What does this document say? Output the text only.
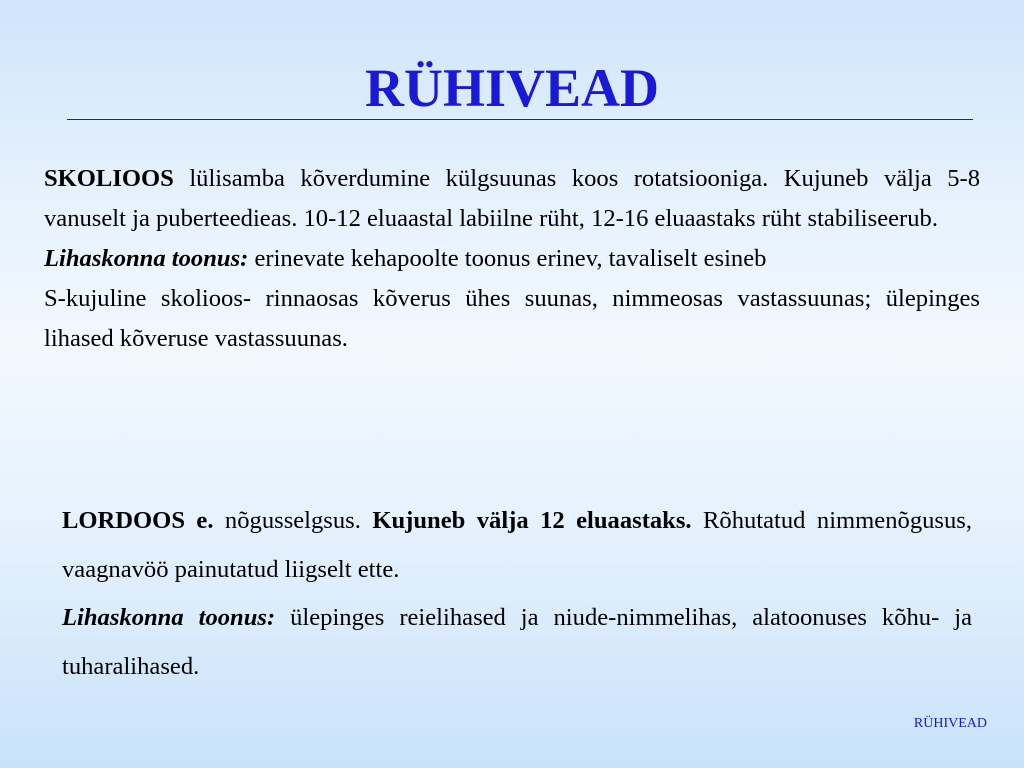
RÜHIVEAD

SKOLIOOS lülisamba kõverdumine külgsuunas koos rotatsiooniga. Kujuneb välja 5-8 vanuselt ja puberteedieas. 10-12 eluaastal labiilne rüht, 12-16 eluaastaks rüht stabiliseerub.

Lihaskonna toonus: erinevate kehapoolte toonus erinev, tavaliselt esineb

S-kujuline skolioos- rinnaosas kõverus ühes suunas, nimmeosas vastassuunas; ülepinges lihased kõveruse vastassuunas.

LORDOOS e. nõgusselgsus. Kujuneb välja 12 eluaastaks. Rõhutatud nimmenõgusus, vaagnavöö painutatud liigselt ette.

Lihaskonna toonus: ülepinges reielihased ja niude-nimmelihas, alatoonuses kõhu- ja tuharalihased.

RÜHIVEAD
